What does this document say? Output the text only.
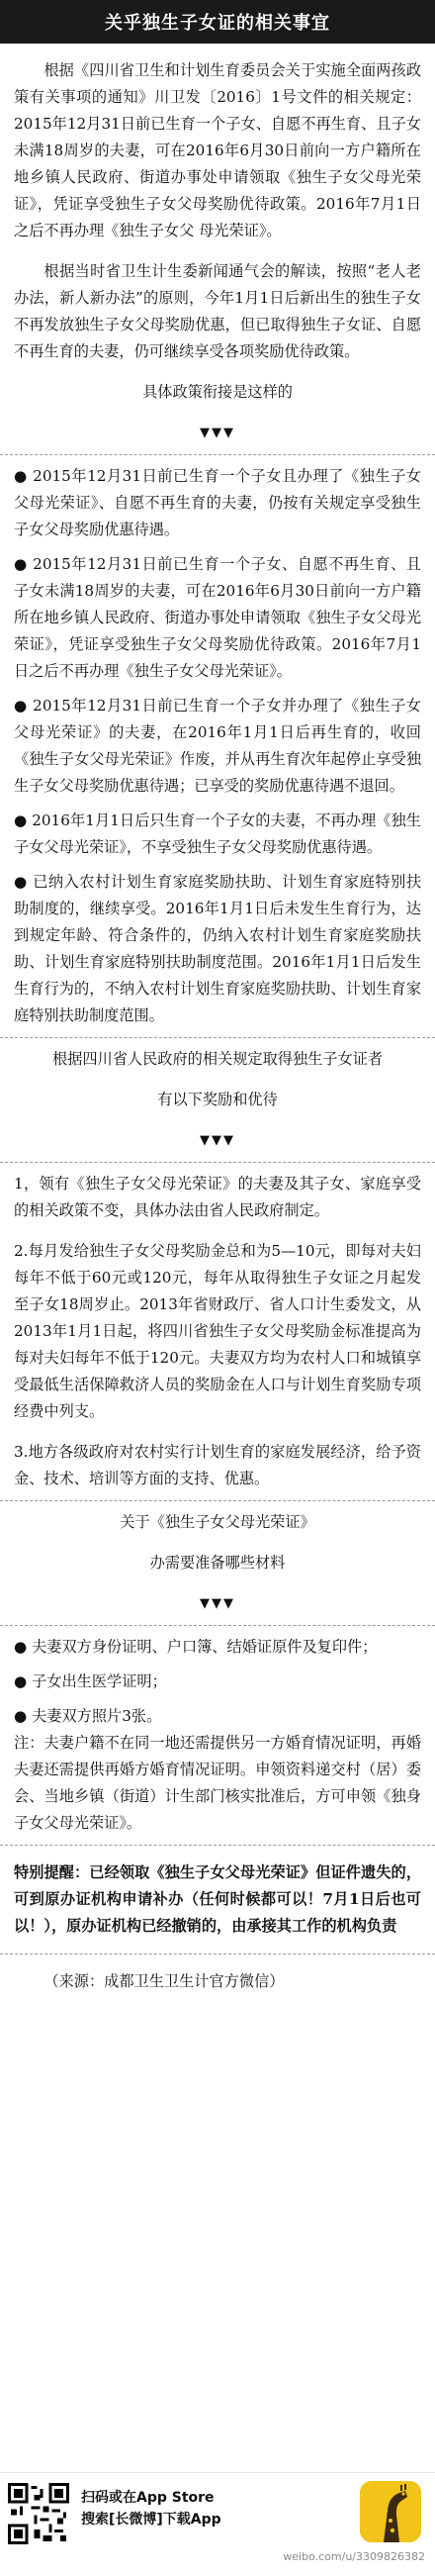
关乎独生子女证的相关事宜

根据《四川省卫生和计划生育委员会关于实施全面两孩政策有关事项的通知》川卫发〔2016〕1号文件的相关规定：2015年12月31日前已生育一个子女、自愿不再生育、且子女未满18周岁的夫妻，可在2016年6月30日前向一方户籍所在地乡镇人民政府、街道办事处申请领取《独生子女父母光荣证》，凭证享受独生子女父母奖励优待政策。2016年7月1日之后不再办理《独生子女父 母光荣证》。

根据当时省卫生计生委新闻通气会的解读，按照“老人老办法，新人新办法”的原则，今年1月1日后新出生的独生子女不再发放独生子女父母奖励优惠，但已取得独生子女证、自愿不再生育的夫妻，仍可继续享受各项奖励优待政策。

具体政策衔接是这样的

▼▼▼

● 2015年12月31日前已生育一个子女且办理了《独生子女父母光荣证》、自愿不再生育的夫妻，仍按有关规定享受独生子女父母奖励优惠待遇。

● 2015年12月31日前已生育一个子女、自愿不再生育、且子女未满18周岁的夫妻，可在2016年6月30日前向一方户籍所在地乡镇人民政府、街道办事处申请领取《独生子女父母光荣证》，凭证享受独生子女父母奖励优待政策。2016年7月1日之后不再办理《独生子女父母光荣证》。

● 2015年12月31日前已生育一个子女并办理了《独生子女父母光荣证》的夫妻，在2016年1月1日后再生育的，收回《独生子女父母光荣证》作废，并从再生育次年起停止享受独生子女父母奖励优惠待遇；已享受的奖励优惠待遇不退回。

● 2016年1月1日后只生育一个子女的夫妻，不再办理《独生子女父母光荣证》，不享受独生子女父母奖励优惠待遇。

● 已纳入农村计划生育家庭奖励扶助、计划生育家庭特别扶助制度的，继续享受。2016年1月1日后未发生生育行为，达到规定年龄、符合条件的，仍纳入农村计划生育家庭奖励扶助、计划生育家庭特别扶助制度范围。2016年1月1日后发生生育行为的，不纳入农村计划生育家庭奖励扶助、计划生育家庭特别扶助制度范围。

根据四川省人民政府的相关规定取得独生子女证者

有以下奖励和优待

▼▼▼

1，领有《独生子女父母光荣证》的夫妻及其子女、家庭享受的相关政策不变，具体办法由省人民政府制定。

2.每月发给独生子女父母奖励金总和为5—10元，即每对夫妇每年不低于60元或120元，每年从取得独生子女证之月起发至子女18周岁止。2013年省财政厅、省人口计生委发文，从2013年1月1日起，将四川省独生子女父母奖励金标准提高为每对夫妇每年不低于120元。夫妻双方均为农村人口和城镇享受最低生活保障救济人员的奖励金在人口与计划生育奖励专项经费中列支。

3.地方各级政府对农村实行计划生育的家庭发展经济，给予资金、技术、培训等方面的支持、优惠。

关于《独生子女父母光荣证》

办需要准备哪些材料

▼▼▼

● 夫妻双方身份证明、户口簿、结婚证原件及复印件；

● 子女出生医学证明；

● 夫妻双方照片3张。

注：夫妻户籍不在同一地还需提供另一方婚育情况证明，再婚夫妻还需提供再婚方婚育情况证明。申领资料递交村（居）委会、当地乡镇（街道）计生部门核实批准后，方可申领《独身子女父母光荣证》。

特别提醒：已经领取《独生子女父母光荣证》但证件遗失的，可到原办证机构申请补办（任何时候都可以！7月1日后也可以！），原办证机构已经撤销的，由承接其工作的机构负责

（来源：成都卫生卫生计官方微信）

扫码或在App Store
搜索[长微博]下载App
weibo.com/u/3309826382
